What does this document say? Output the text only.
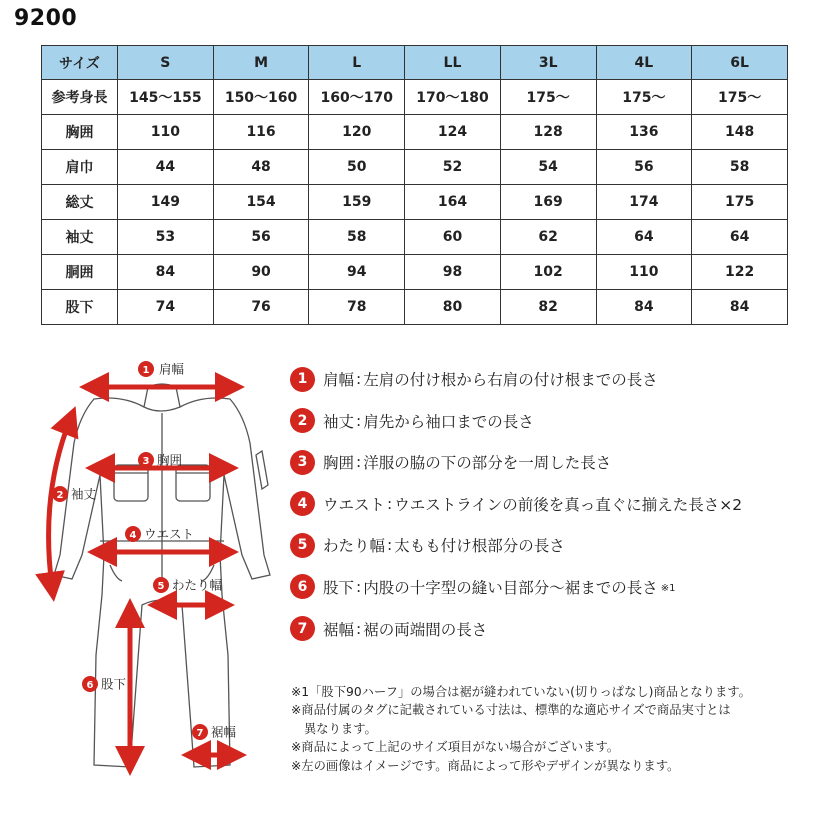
9200
サイズ	S	M	L	LL	3L	4L	6L
参考身長	145〜155	150〜160	160〜170	170〜180	175〜	175〜	175〜
胸囲	110	116	120	124	128	136	148
肩巾	44	48	50	52	54	56	58
総丈	149	154	159	164	169	174	175
袖丈	53	56	58	60	62	64	64
胴囲	84	90	94	98	102	110	122
股下	74	76	78	80	82	84	84
1 肩幅
2 袖丈
3 胸囲
4 ウエスト
5 わたり幅
6 股下
7 裾幅
1	肩幅 : 左肩の付け根から右肩の付け根までの長さ
2	袖丈 : 肩先から袖口までの長さ
3	胸囲 : 洋服の脇の下の部分を一周した長さ
4	ウエスト : ウエストラインの前後を真っ直ぐに揃えた長さ×2
5	わたり幅 : 太もも付け根部分の長さ
6	股下 : 内股の十字型の縫い目部分〜裾までの長さ ※1
7	裾幅 : 裾の両端間の長さ

※1「股下90ハーフ」の場合は裾が縫われていない(切りっぱなし)商品となります。

※商品付属のタグに記載されている寸法は、標準的な適応サイズで商品実寸とは

異なります。

※商品によって上記のサイズ項目がない場合がございます。

※左の画像はイメージです。商品によって形やデザインが異なります。
